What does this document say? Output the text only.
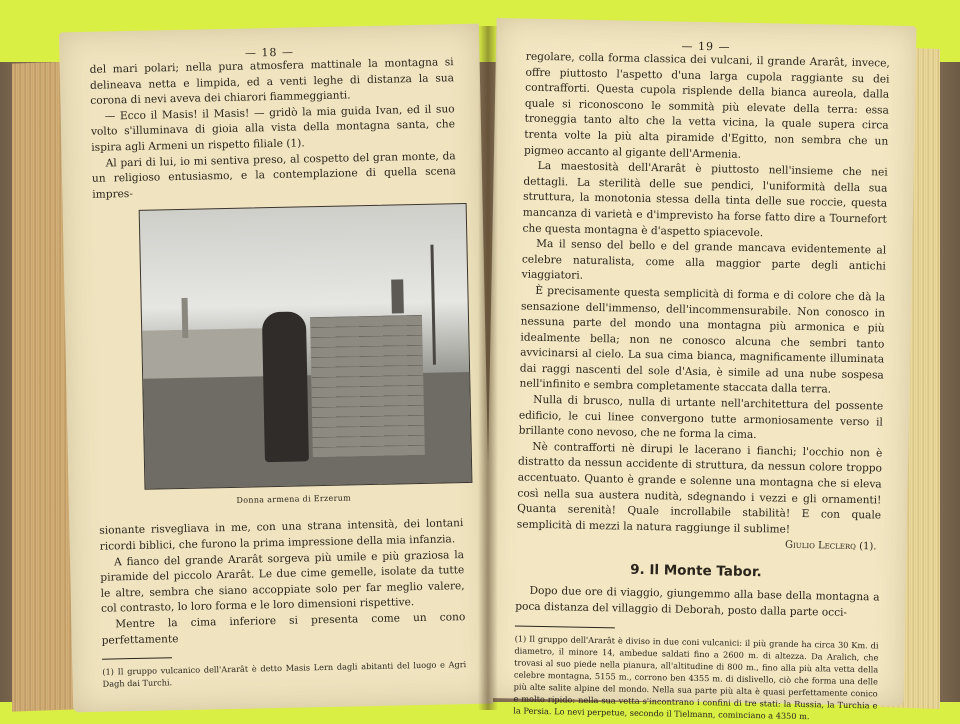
— 18 —

del mari polari; nella pura atmosfera mattinale la montagna si delineava netta e limpida, ed a venti leghe di distanza la sua corona di nevi aveva dei chiarori fiammeggianti.

— Ecco il Masis! il Masis! — gridò la mia guida Ivan, ed il suo volto s'illuminava di gioia alla vista della montagna santa, che ispira agli Armeni un rispetto filiale (1).

Al pari di lui, io mi sentiva preso, al cospetto del gran monte, da un religioso entusiasmo, e la contemplazione di quella scena impres-

Donna armena di Erzerum

sionante risvegliava in me, con una strana intensità, dei lontani ricordi biblici, che furono la prima impressione della mia infanzia.

A fianco del grande Ararât sorgeva più umile e più graziosa la piramide del piccolo Ararât. Le due cime gemelle, isolate da tutte le altre, sembra che siano accoppiate solo per far meglio valere, col contrasto, lo loro forma e le loro dimensioni rispettive.

Mentre la cima inferiore si presenta come un cono perfettamente

(1) Il gruppo vulcanico dell'Ararât è detto Masis Lern dagli abitanti del luogo e Agri Dagh dai Turchi.
— 19 —

regolare, colla forma classica dei vulcani, il grande Ararât, invece, offre piuttosto l'aspetto d'una larga cupola raggiante su dei contrafforti. Questa cupola risplende della bianca aureola, dalla quale si riconoscono le sommità più elevate della terra: essa troneggia tanto alto che la vetta vicina, la quale supera circa trenta volte la più alta piramide d'Egitto, non sembra che un pigmeo accanto al gigante dell'Armenia.

La maestosità dell'Ararât è piuttosto nell'insieme che nei dettagli. La sterilità delle sue pendici, l'uniformità della sua struttura, la monotonia stessa della tinta delle sue roccie, questa mancanza di varietà e d'imprevisto ha forse fatto dire a Tournefort che questa montagna è d'aspetto spiacevole.

Ma il senso del bello e del grande mancava evidentemente al celebre naturalista, come alla maggior parte degli antichi viaggiatori.

È precisamente questa semplicità di forma e di colore che dà la sensazione dell'immenso, dell'incommensurabile. Non conosco in nessuna parte del mondo una montagna più armonica e più idealmente bella; non ne conosco alcuna che sembri tanto avvicinarsi al cielo. La sua cima bianca, magnificamente illuminata dai raggi nascenti del sole d'Asia, è simile ad una nube sospesa nell'infinito e sembra completamente staccata dalla terra.

Nulla di brusco, nulla di urtante nell'architettura del possente edificio, le cui linee convergono tutte armoniosamente verso il brillante cono nevoso, che ne forma la cima.

Nè contrafforti nè dirupi le lacerano i fianchi; l'occhio non è distratto da nessun accidente di struttura, da nessun colore troppo accentuato. Quanto è grande e solenne una montagna che si eleva così nella sua austera nudità, sdegnando i vezzi e gli ornamenti! Quanta serenità! Quale incrollabile stabilità! E con quale semplicità di mezzi la natura raggiunge il sublime!

Giulio Leclerq (1).
9. Il Monte Tabor.

Dopo due ore di viaggio, giungemmo alla base della montagna a poca distanza del villaggio di Deborah, posto dalla parte occi-

(1) Il gruppo dell'Ararât è diviso in due coni vulcanici: il più grande ha circa 30 Km. di diametro, il minore 14, ambedue saldati fino a 2600 m. di altezza. Da Aralich, che trovasi al suo piede nella pianura, all'altitudine di 800 m., fino alla più alta vetta della celebre montagna, 5155 m., corrono ben 4355 m. di dislivello, ciò che forma una delle più alte salite alpine del mondo. Nella sua parte più alta è quasi perfettamente conico e molto ripido: nella sua vetta s'incontrano i confini di tre stati: la Russia, la Turchia e la Persia. Lo nevi perpetue, secondo il Tielmann, cominciano a 4350 m.
